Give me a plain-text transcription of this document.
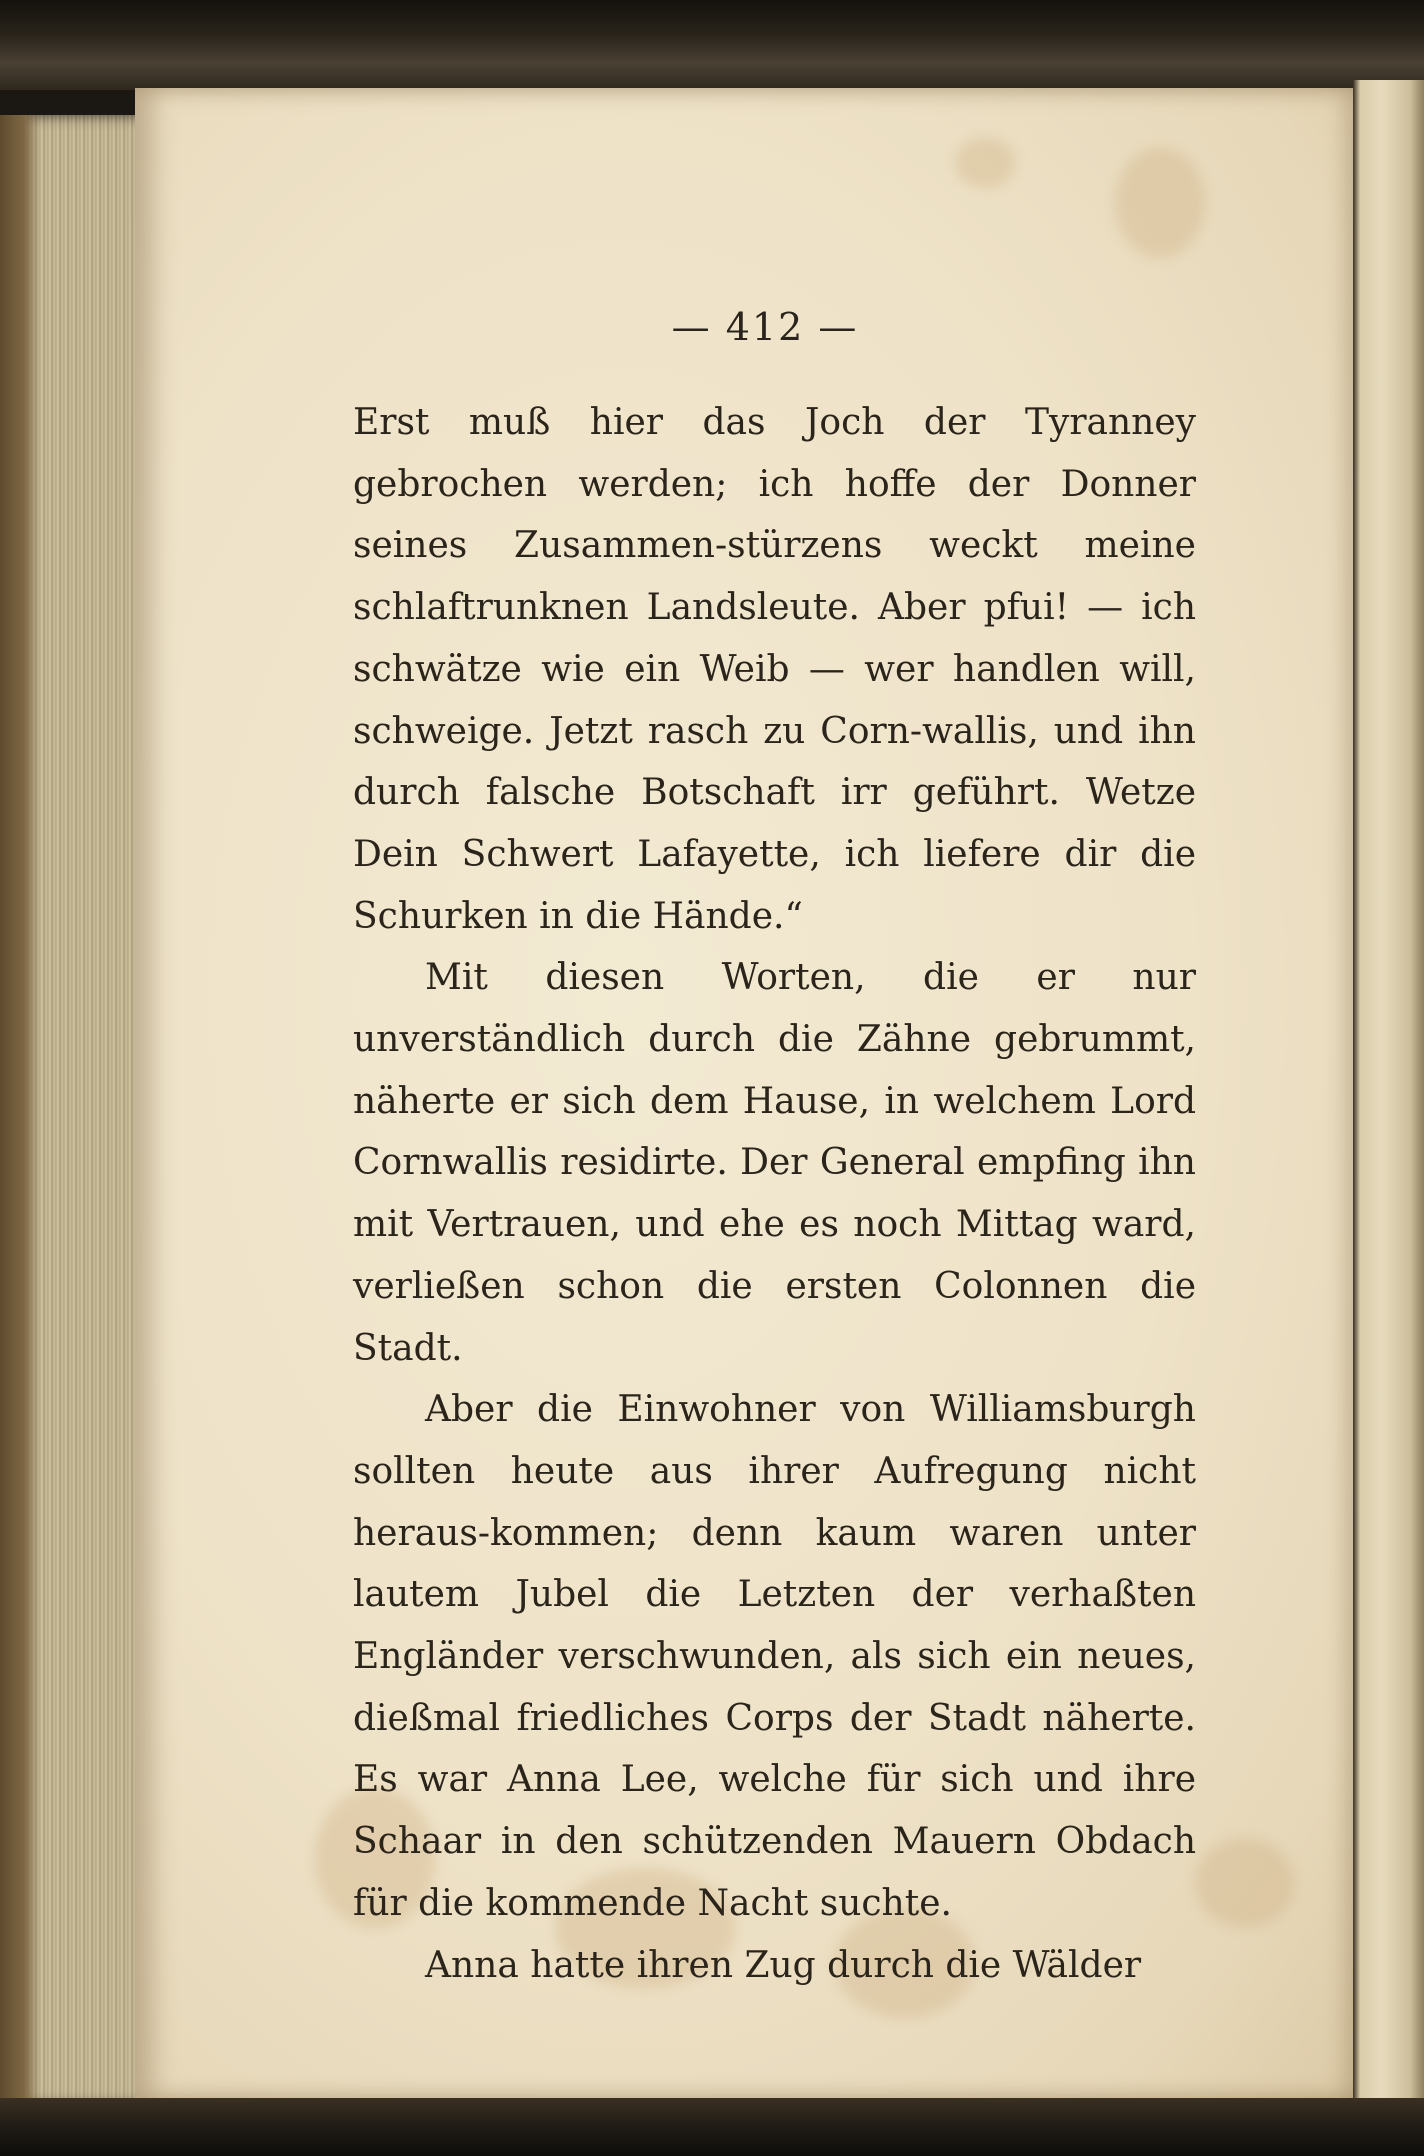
— 412 —

Erst muß hier das Joch der Tyranney gebrochen werden; ich hoffe der Donner seines Zusammen-stürzens weckt meine schlaftrunknen Landsleute. Aber pfui! — ich schwätze wie ein Weib — wer handlen will, schweige. Jetzt rasch zu Corn-wallis, und ihn durch falsche Botschaft irr geführt. Wetze Dein Schwert Lafayette, ich liefere dir die Schurken in die Hände.“

Mit diesen Worten, die er nur unverständlich durch die Zähne gebrummt, näherte er sich dem Hause, in welchem Lord Cornwallis residirte. Der General empfing ihn mit Vertrauen, und ehe es noch Mittag ward, verließen schon die ersten Colonnen die Stadt.

Aber die Einwohner von Williamsburgh sollten heute aus ihrer Aufregung nicht heraus-kommen; denn kaum waren unter lautem Jubel die Letzten der verhaßten Engländer verschwunden, als sich ein neues, dießmal friedliches Corps der Stadt näherte. Es war Anna Lee, welche für sich und ihre Schaar in den schützenden Mauern Obdach für die kommende Nacht suchte.

Anna hatte ihren Zug durch die Wälder
